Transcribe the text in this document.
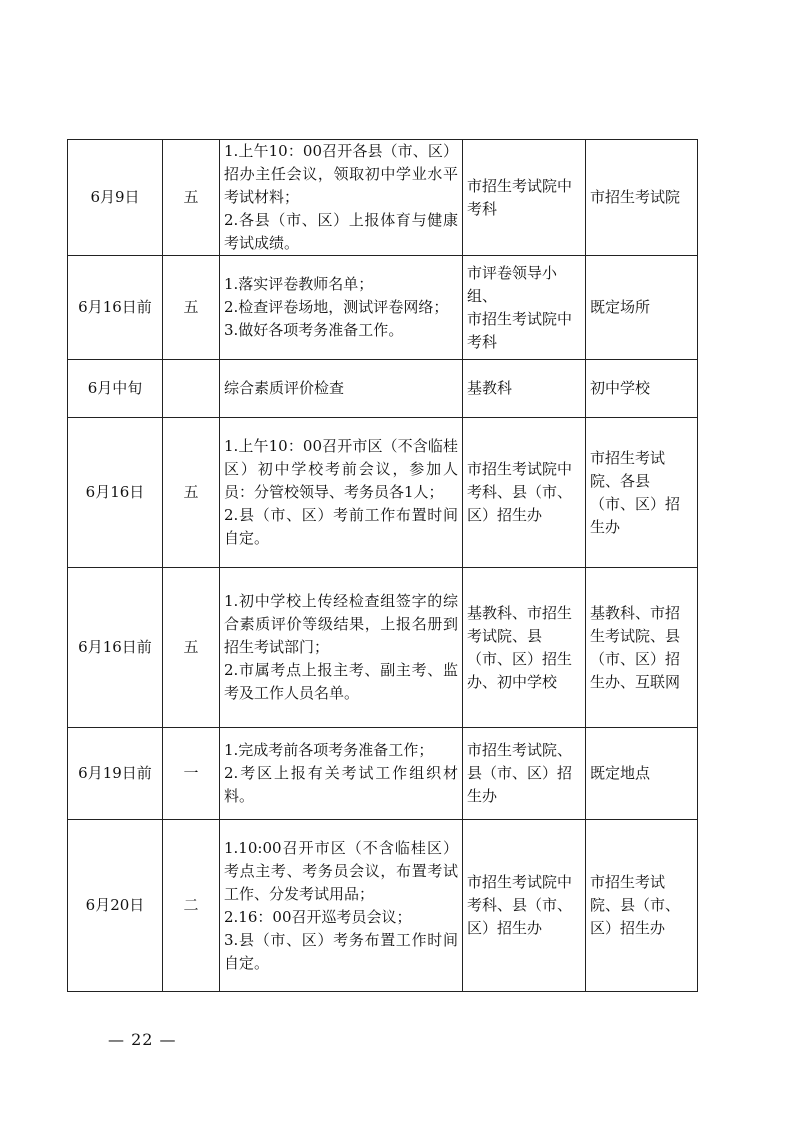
6月9日	五	1.上午10：00召开各县（市、区）招办主任会议，领取初中学业水平考试材料；
2.各县（市、区）上报体育与健康考试成绩。	市招生考试院中考科	市招生考试院

6月16日前	五	1.落实评卷教师名单；
2.检查评卷场地，测试评卷网络；
3.做好各项考务准备工作。	市评卷领导小组、
市招生考试院中考科	既定场所

6月中旬		综合素质评价检查	基教科	初中学校

6月16日	五	1.上午10：00召开市区（不含临桂区）初中学校考前会议，参加人员：分管校领导、考务员各1人；
2.县（市、区）考前工作布置时间自定。	市招生考试院中考科、县（市、区）招生办	市招生考试院、各县（市、区）招生办

6月16日前	五	1.初中学校上传经检查组签字的综合素质评价等级结果，上报名册到招生考试部门；
2.市属考点上报主考、副主考、监考及工作人员名单。	基教科、市招生考试院、县（市、区）招生办、初中学校	基教科、市招生考试院、县（市、区）招生办、互联网

6月19日前	一	1.完成考前各项考务准备工作；
2.考区上报有关考试工作组织材料。	市招生考试院、
县（市、区）招生办	既定地点

6月20日	二	1.10:00召开市区（不含临桂区）考点主考、考务员会议，布置考试工作、分发考试用品；
2.16：00召开巡考员会议；
3.县（市、区）考务布置工作时间自定。	市招生考试院中考科、县（市、区）招生办	市招生考试院、县（市、区）招生办
— 22 —
